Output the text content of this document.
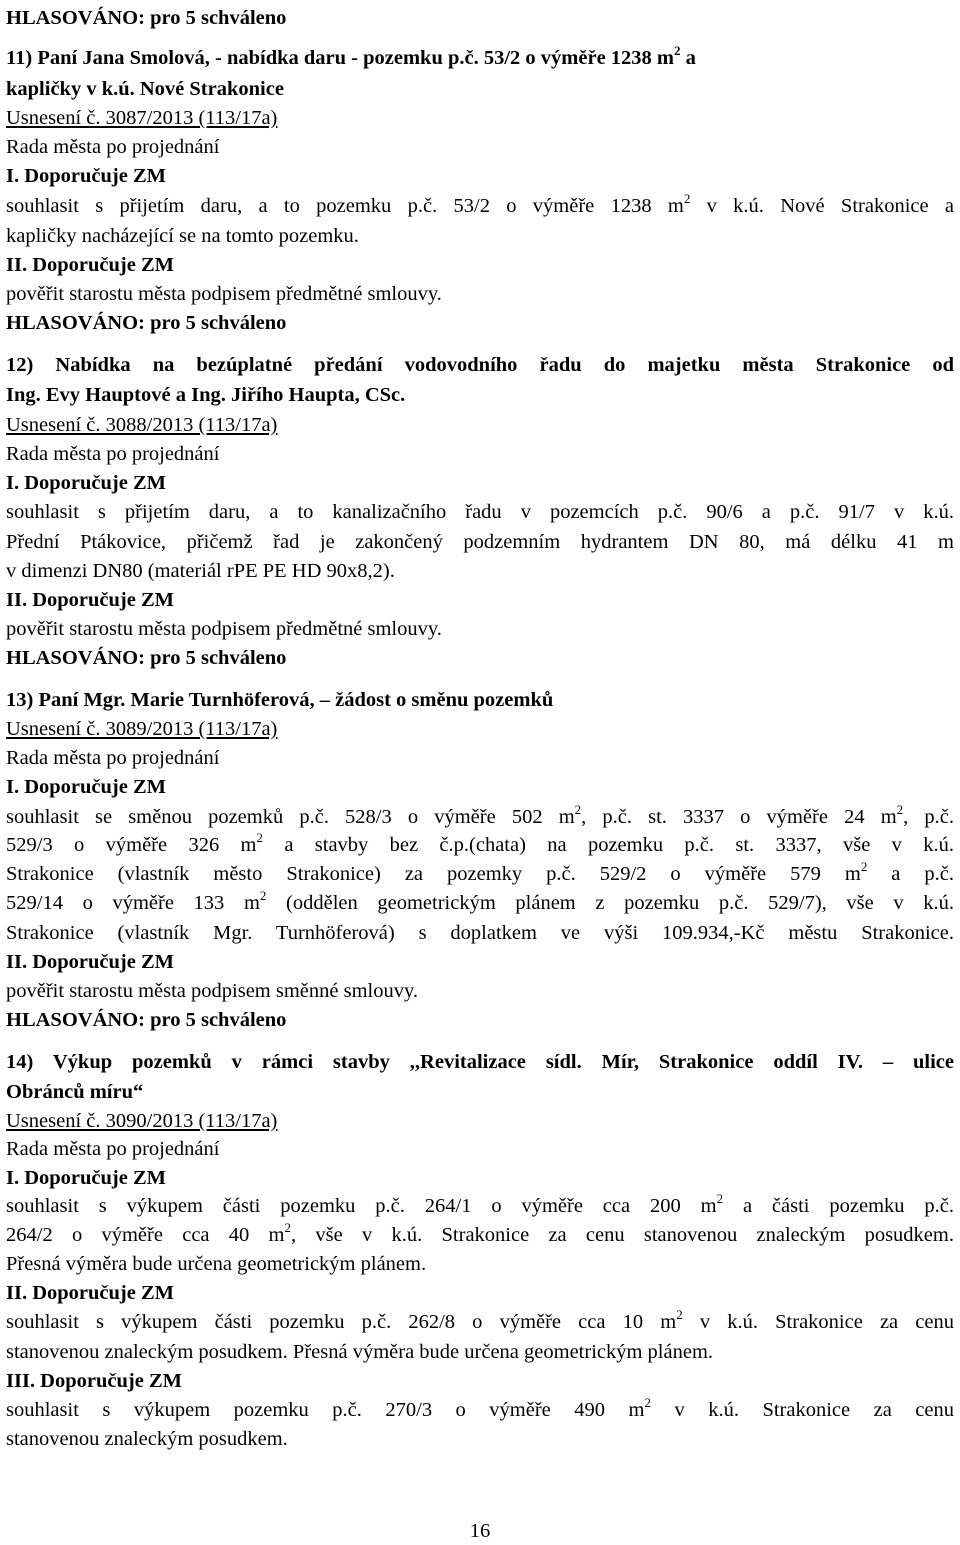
HLASOVÁNO: pro 5 schváleno
11) Paní Jana Smolová, - nabídka daru - pozemku p.č. 53/2 o výměře 1238 $m^2$ a
kapličky v k.ú. Nové Strakonice
Usnesení č. 3087/2013 (113/17a)
Rada města po projednání
I. Doporučuje ZM
souhlasit s přijetím daru, a to pozemku p.č. 53/2 o výměře 1238 $m^2$ v k.ú. Nové Strakonice a
kapličky nacházející se na tomto pozemku.
II. Doporučuje ZM
pověřit starostu města podpisem předmětné smlouvy.
HLASOVÁNO: pro 5 schváleno
12) Nabídka na bezúplatné předání vodovodního řadu do majetku města Strakonice od
Ing. Evy Hauptové a Ing. Jiřího Haupta, CSc.
Usnesení č. 3088/2013 (113/17a)
Rada města po projednání
I. Doporučuje ZM
souhlasit s přijetím daru, a to kanalizačního řadu v pozemcích p.č. 90/6 a p.č. 91/7 v k.ú.
Přední Ptákovice, přičemž řad je zakončený podzemním hydrantem DN 80, má délku 41 m
v dimenzi DN80 (materiál rPE PE HD 90x8,2).
II. Doporučuje ZM
pověřit starostu města podpisem předmětné smlouvy.
HLASOVÁNO: pro 5 schváleno
13) Paní Mgr. Marie Turnhöferová, – žádost o směnu pozemků
Usnesení č. 3089/2013 (113/17a)
Rada města po projednání
I. Doporučuje ZM
souhlasit se směnou pozemků p.č. 528/3 o výměře 502 $m^2$, p.č. st. 3337 o výměře 24 $m^2$, p.č.
529/3 o výměře 326 $m^2$ a stavby bez č.p.(chata) na pozemku p.č. st. 3337, vše v k.ú.
Strakonice (vlastník město Strakonice) za pozemky p.č. 529/2 o výměře 579 $m^2$ a p.č.
529/14 o výměře 133 $m^2$ (oddělen geometrickým plánem z pozemku p.č. 529/7), vše v k.ú.
Strakonice (vlastník Mgr. Turnhöferová) s doplatkem ve výši 109.934,-Kč městu Strakonice.
II. Doporučuje ZM
pověřit starostu města podpisem směnné smlouvy.
HLASOVÁNO: pro 5 schváleno
14) Výkup pozemků v rámci stavby ,,Revitalizace sídl. Mír, Strakonice oddíl IV. – ulice
Obránců míru“
Usnesení č. 3090/2013 (113/17a)
Rada města po projednání
I. Doporučuje ZM
souhlasit s výkupem části pozemku p.č. 264/1 o výměře cca 200 $m^2$ a části pozemku p.č.
264/2 o výměře cca 40 $m^2$, vše v k.ú. Strakonice za cenu stanovenou znaleckým posudkem.
Přesná výměra bude určena geometrickým plánem.
II. Doporučuje ZM
souhlasit s výkupem části pozemku p.č. 262/8 o výměře cca 10 $m^2$ v k.ú. Strakonice za cenu
stanovenou znaleckým posudkem. Přesná výměra bude určena geometrickým plánem.
III. Doporučuje ZM
souhlasit s výkupem pozemku p.č. 270/3 o výměře 490 $m^2$ v k.ú. Strakonice za cenu
stanovenou znaleckým posudkem.
16
